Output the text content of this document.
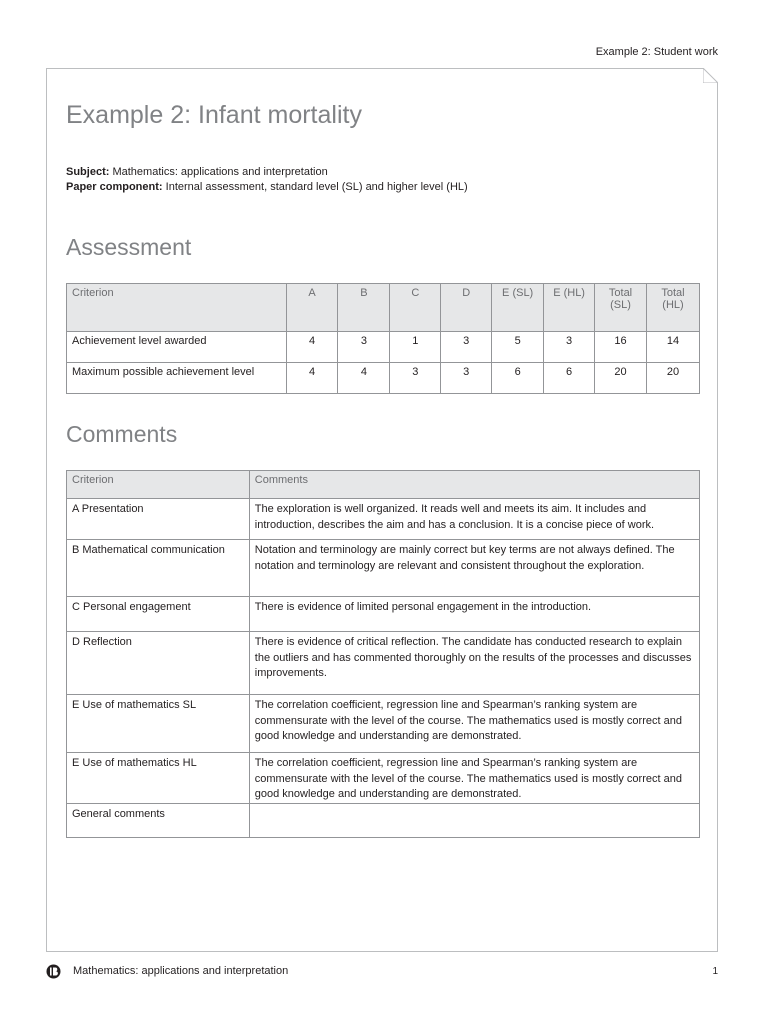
Example 2: Student work
Example 2: Infant mortality
Subject: Mathematics: applications and interpretation
Paper component: Internal assessment, standard level (SL) and higher level (HL)
Assessment
Criterion	A	B	C	D	E (SL)	E (HL)	Total (SL)	Total (HL)
Achievement level awarded	4	3	1	3	5	3	16	14
Maximum possible achievement level	4	4	3	3	6	6	20	20
Comments
Criterion	Comments
A Presentation	The exploration is well organized. It reads well and meets its aim. It includes and introduction, describes the aim and has a conclusion. It is a concise piece of work.
B Mathematical communication	Notation and terminology are mainly correct but key terms are not always defined. The notation and terminology are relevant and consistent throughout the exploration.
C Personal engagement	There is evidence of limited personal engagement in the introduction.
D Reflection	There is evidence of critical reflection. The candidate has conducted research to explain the outliers and has commented thoroughly on the results of the processes and discusses improvements.
E Use of mathematics SL	The correlation coefficient, regression line and Spearman’s ranking system are commensurate with the level of the course. The mathematics used is mostly correct and good knowledge and understanding are demonstrated.
E Use of mathematics HL	The correlation coefficient, regression line and Spearman’s ranking system are commensurate with the level of the course. The mathematics used is mostly correct and good knowledge and understanding are demonstrated.
General comments	
Mathematics: applications and interpretation	1
